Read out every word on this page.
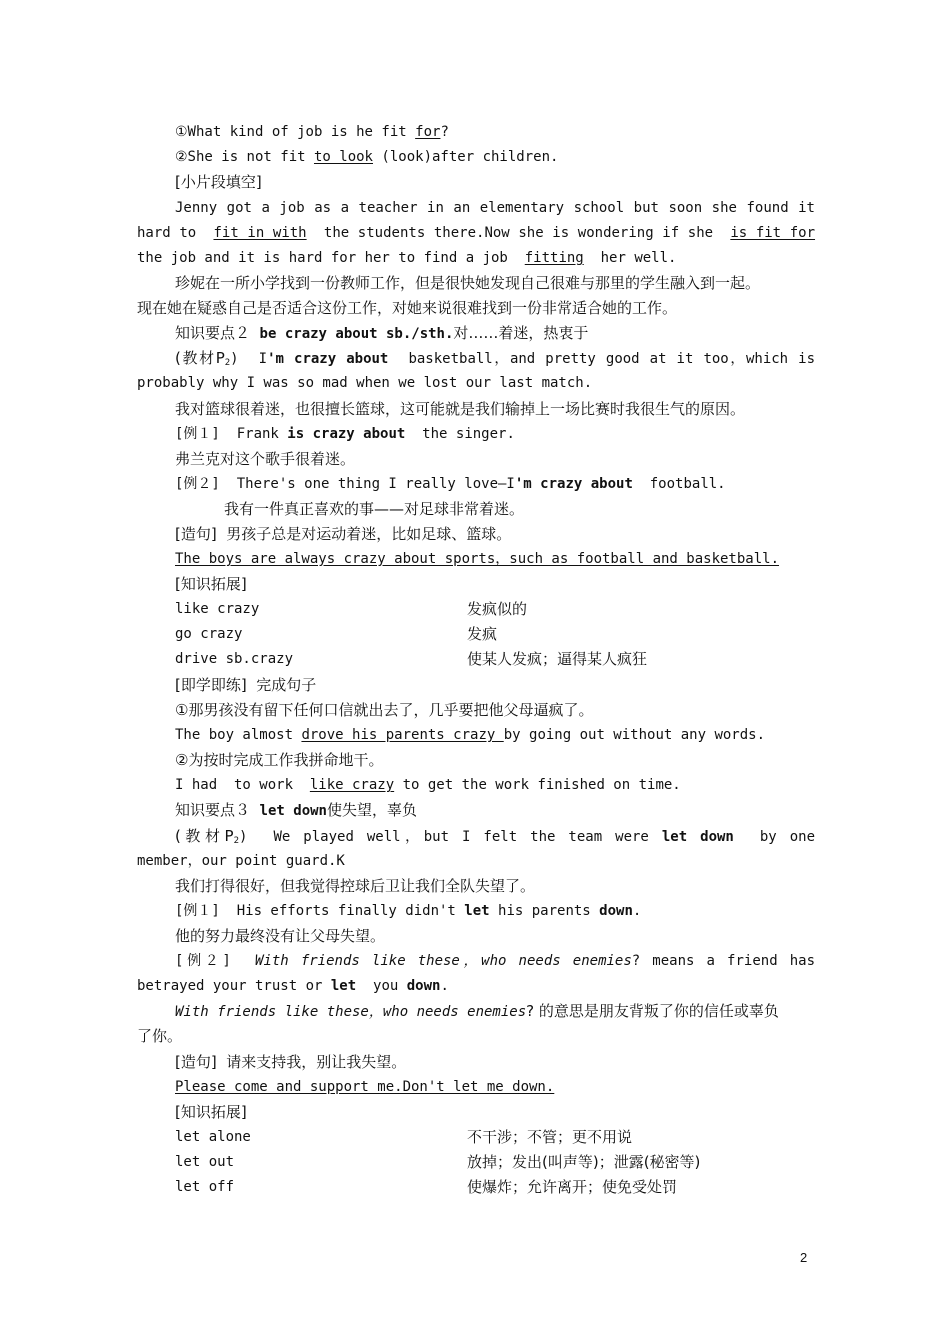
①What kind of job is he fit for?
②She is not fit to look (look)after children.
[小片段填空]
Jenny got a job as a teacher in an elementary school but soon she found it
hard to  fit in with  the students there.Now she is wondering if she  is fit for
the job and it is hard for her to find a job  fitting  her well.
珍妮在一所小学找到一份教师工作，但是很快她发现自己很难与那里的学生融入到一起。
现在她在疑惑自己是否适合这份工作，对她来说很难找到一份非常适合她的工作。
知识要点２  be crazy about sb./sth.对……着迷，热衷于
(教材$P_2$)  I'm crazy about  basketball，and pretty good at it too，which is
probably why I was so mad when we lost our last match.
我对篮球很着迷，也很擅长篮球，这可能就是我们输掉上一场比赛时我很生气的原因。
[例１]  Frank is crazy about  the singer.
弗兰克对这个歌手很着迷。
[例２]  There's one thing I really love—I'm crazy about  football.
我有一件真正喜欢的事——对足球非常着迷。
[造句]  男孩子总是对运动着迷，比如足球、篮球。
The boys are always crazy about sports，such as football and basketball.
[知识拓展]
like crazy	发疯似的
go crazy	发疯
drive sb.crazy	使某人发疯；逼得某人疯狂
[即学即练]  完成句子
①那男孩没有留下任何口信就出去了，几乎要把他父母逼疯了。
The boy almost drove his parents crazy by going out without any words.
②为按时完成工作我拼命地干。
I had  to work  like crazy to get the work finished on time.
知识要点３  let down使失望，辜负
(教材$P_2$)  We played well，but I felt the team were let down  by one
member，our point guard.K
我们打得很好，但我觉得控球后卫让我们全队失望了。
[例１]  His efforts finally didn't let his parents down.
他的努力最终没有让父母失望。
[例２]  With friends like these，who needs enemies? means a friend has
betrayed your trust or let  you down.
With friends like these，who needs enemies? 的意思是朋友背叛了你的信任或辜负
了你。
[造句]  请来支持我，别让我失望。
Please come and support me.Don't let me down.
[知识拓展]
let alone	不干涉；不管；更不用说
let out	放掉；发出(叫声等)；泄露(秘密等)
let off	使爆炸；允许离开；使免受处罚
2
